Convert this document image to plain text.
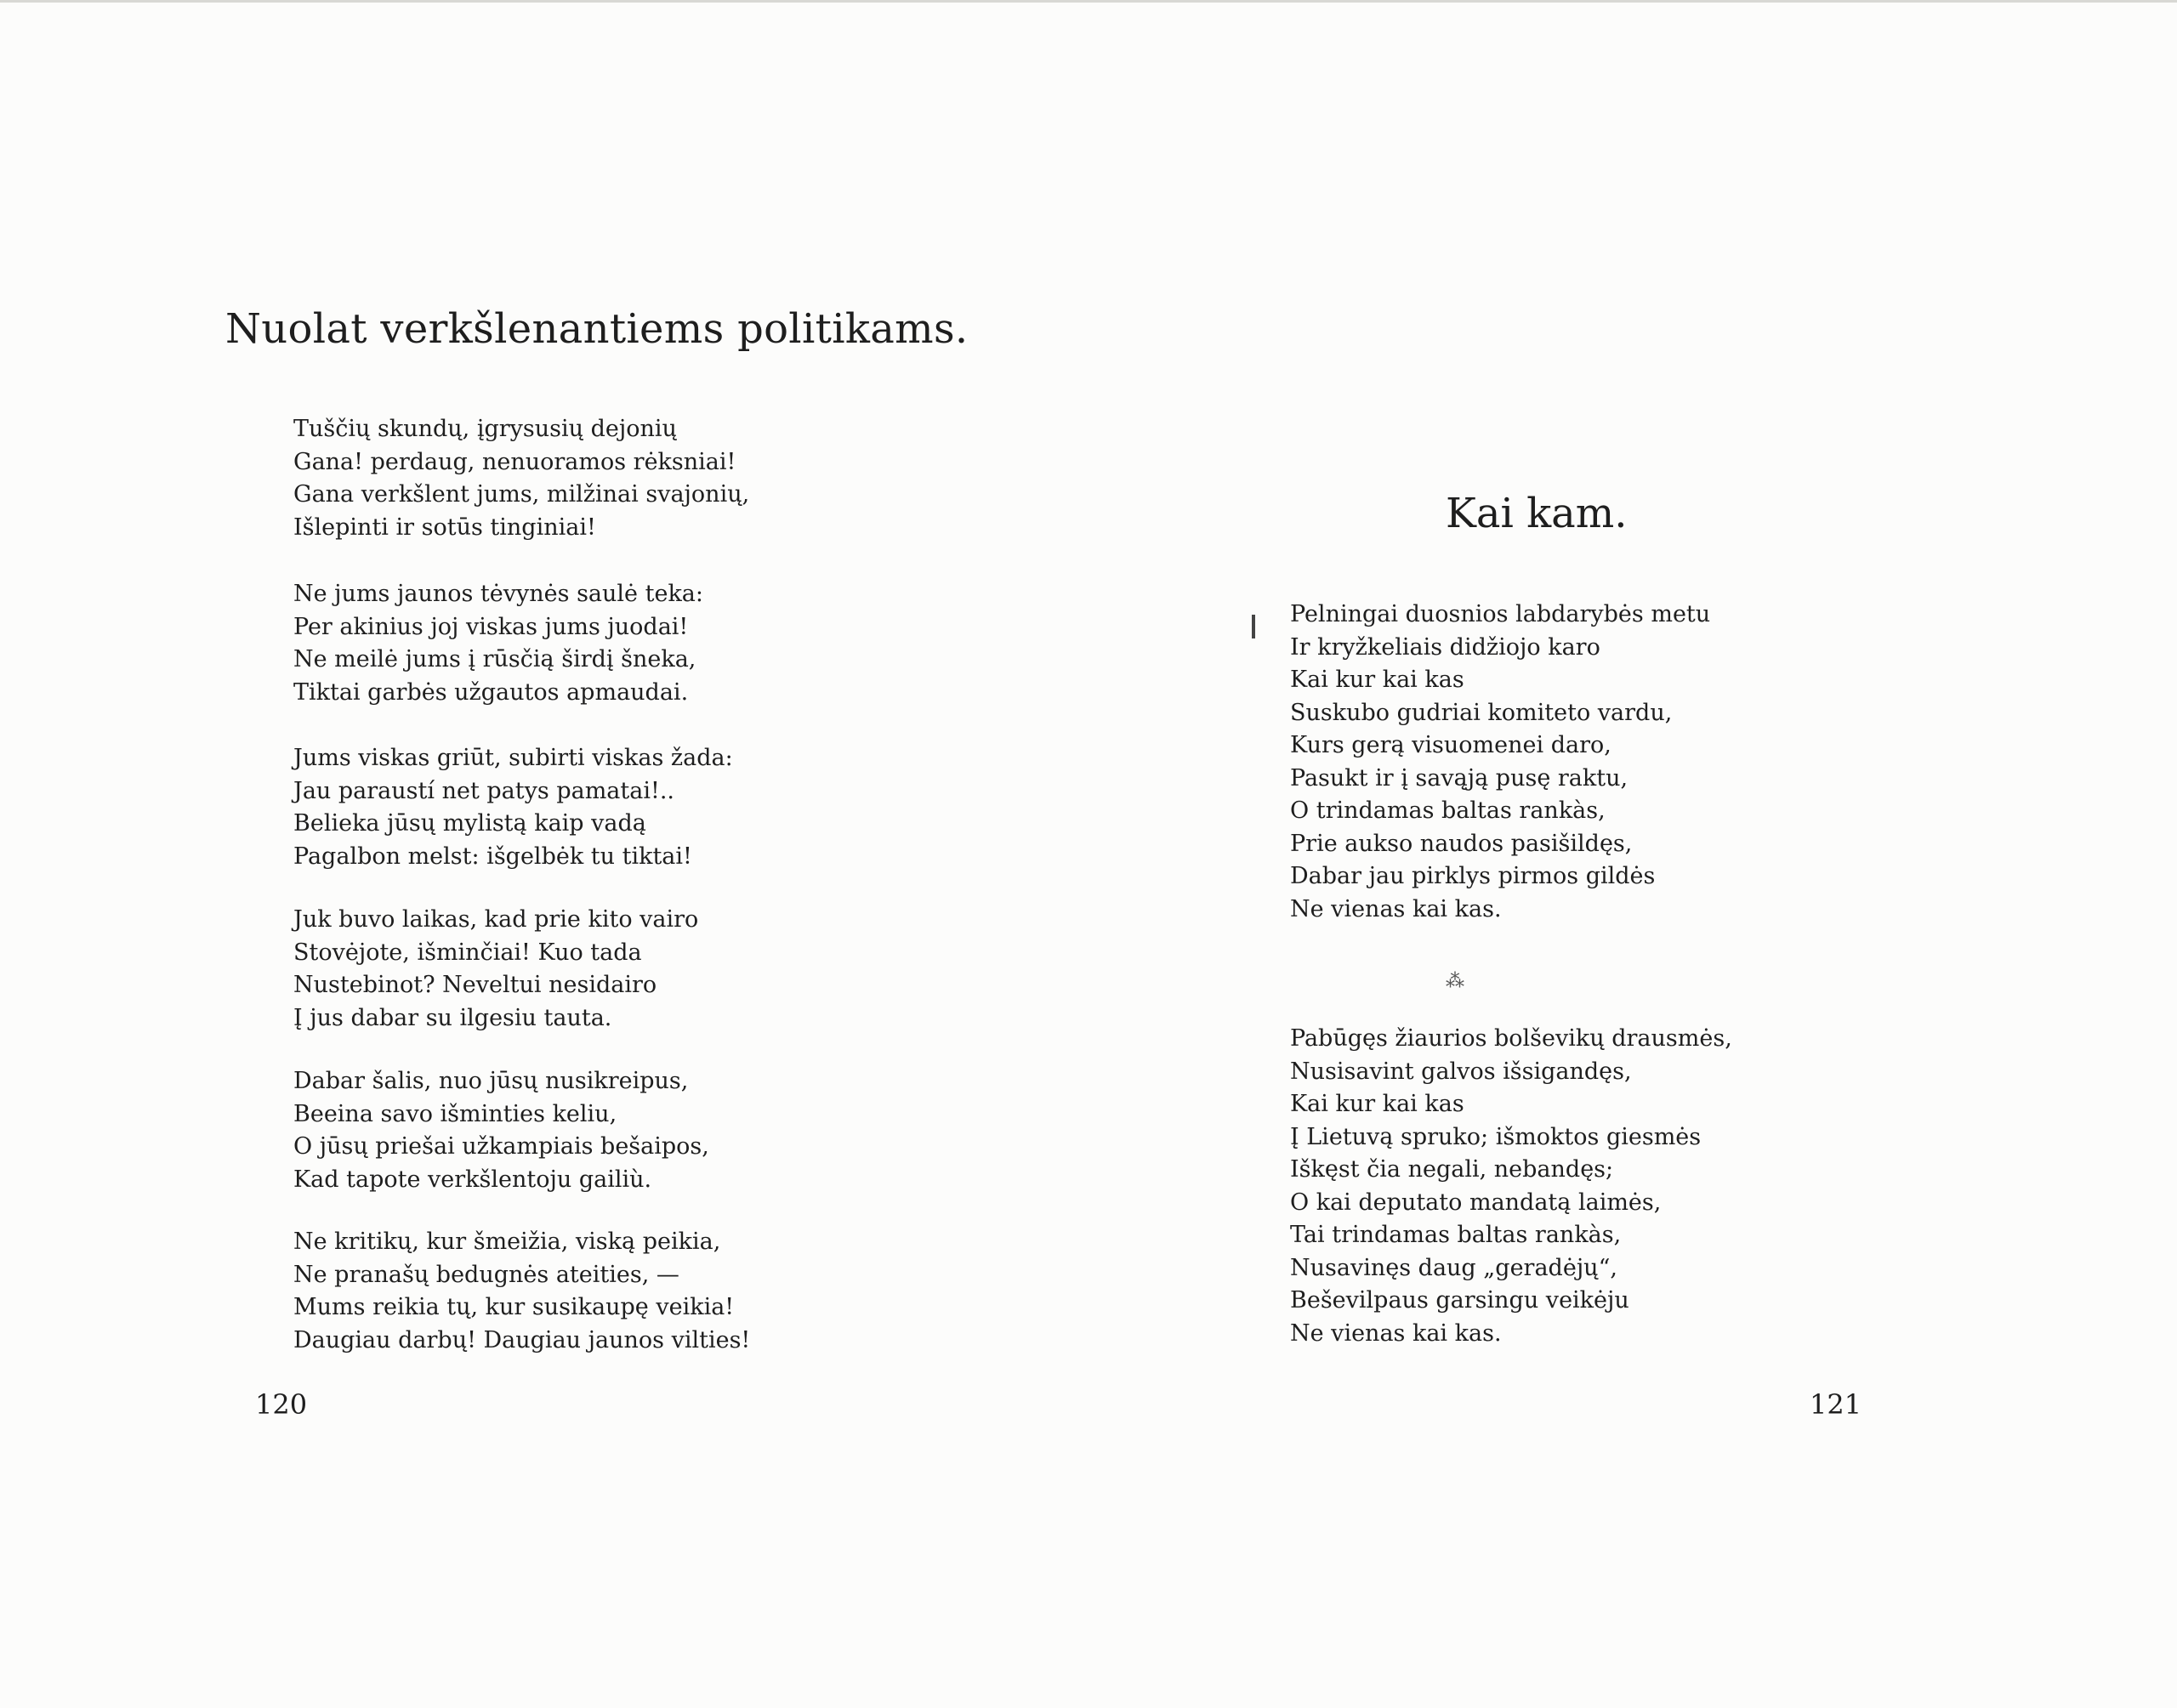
Nuolat verkšlenantiems politikams.
Tuščių skundų, įgrysusių dejonių
Gana! perdaug, nenuoramos rėksniai!
Gana verkšlent jums, milžinai svajonių,
Išlepinti ir sotūs tinginiai!
Ne jums jaunos tėvynės saulė teka:
Per akinius joj viskas jums juodai!
Ne meilė jums į rūsčią širdį šneka,
Tiktai garbės užgautos apmaudai.
Jums viskas griūt, subirti viskas žada:
Jau paraustí net patys pamatai!..
Belieka jūsų mylistą kaip vadą
Pagalbon melst: išgelbėk tu tiktai!
Juk buvo laikas, kad prie kito vairo
Stovėjote, išminčiai! Kuo tada
Nustebinot? Neveltui nesidairo
Į jus dabar su ilgesiu tauta.
Dabar šalis, nuo jūsų nusikreipus,
Beeina savo išminties keliu,
O jūsų priešai užkampiais bešaipos,
Kad tapote verkšlentoju gailiù.
Ne kritikų, kur šmeižia, viską peikia,
Ne pranašų bedugnės ateities, —
Mums reikia tų, kur susikaupę veikia!
Daugiau darbų! Daugiau jaunos vilties!
120
Kai kam.
Pelningai duosnios labdarybės metu
Ir kryžkeliais didžiojo karo
Kai kur kai kas
Suskubo gudriai komiteto vardu,
Kurs gerą visuomenei daro,
Pasukt ir į savąją pusę raktu,
O trindamas baltas rankàs,
Prie aukso naudos pasišildęs,
Dabar jau pirklys pirmos gildės
Ne vienas kai kas.
⁂
Pabūgęs žiaurios bolševikų drausmės,
Nusisavint galvos išsigandęs,
Kai kur kai kas
Į Lietuvą spruko; išmoktos giesmės
Iškęst čia negali, nebandęs;
O kai deputato mandatą laimės,
Tai trindamas baltas rankàs,
Nusavinęs daug „geradėjų“,
Beševilpaus garsingu veikėju
Ne vienas kai kas.
121
